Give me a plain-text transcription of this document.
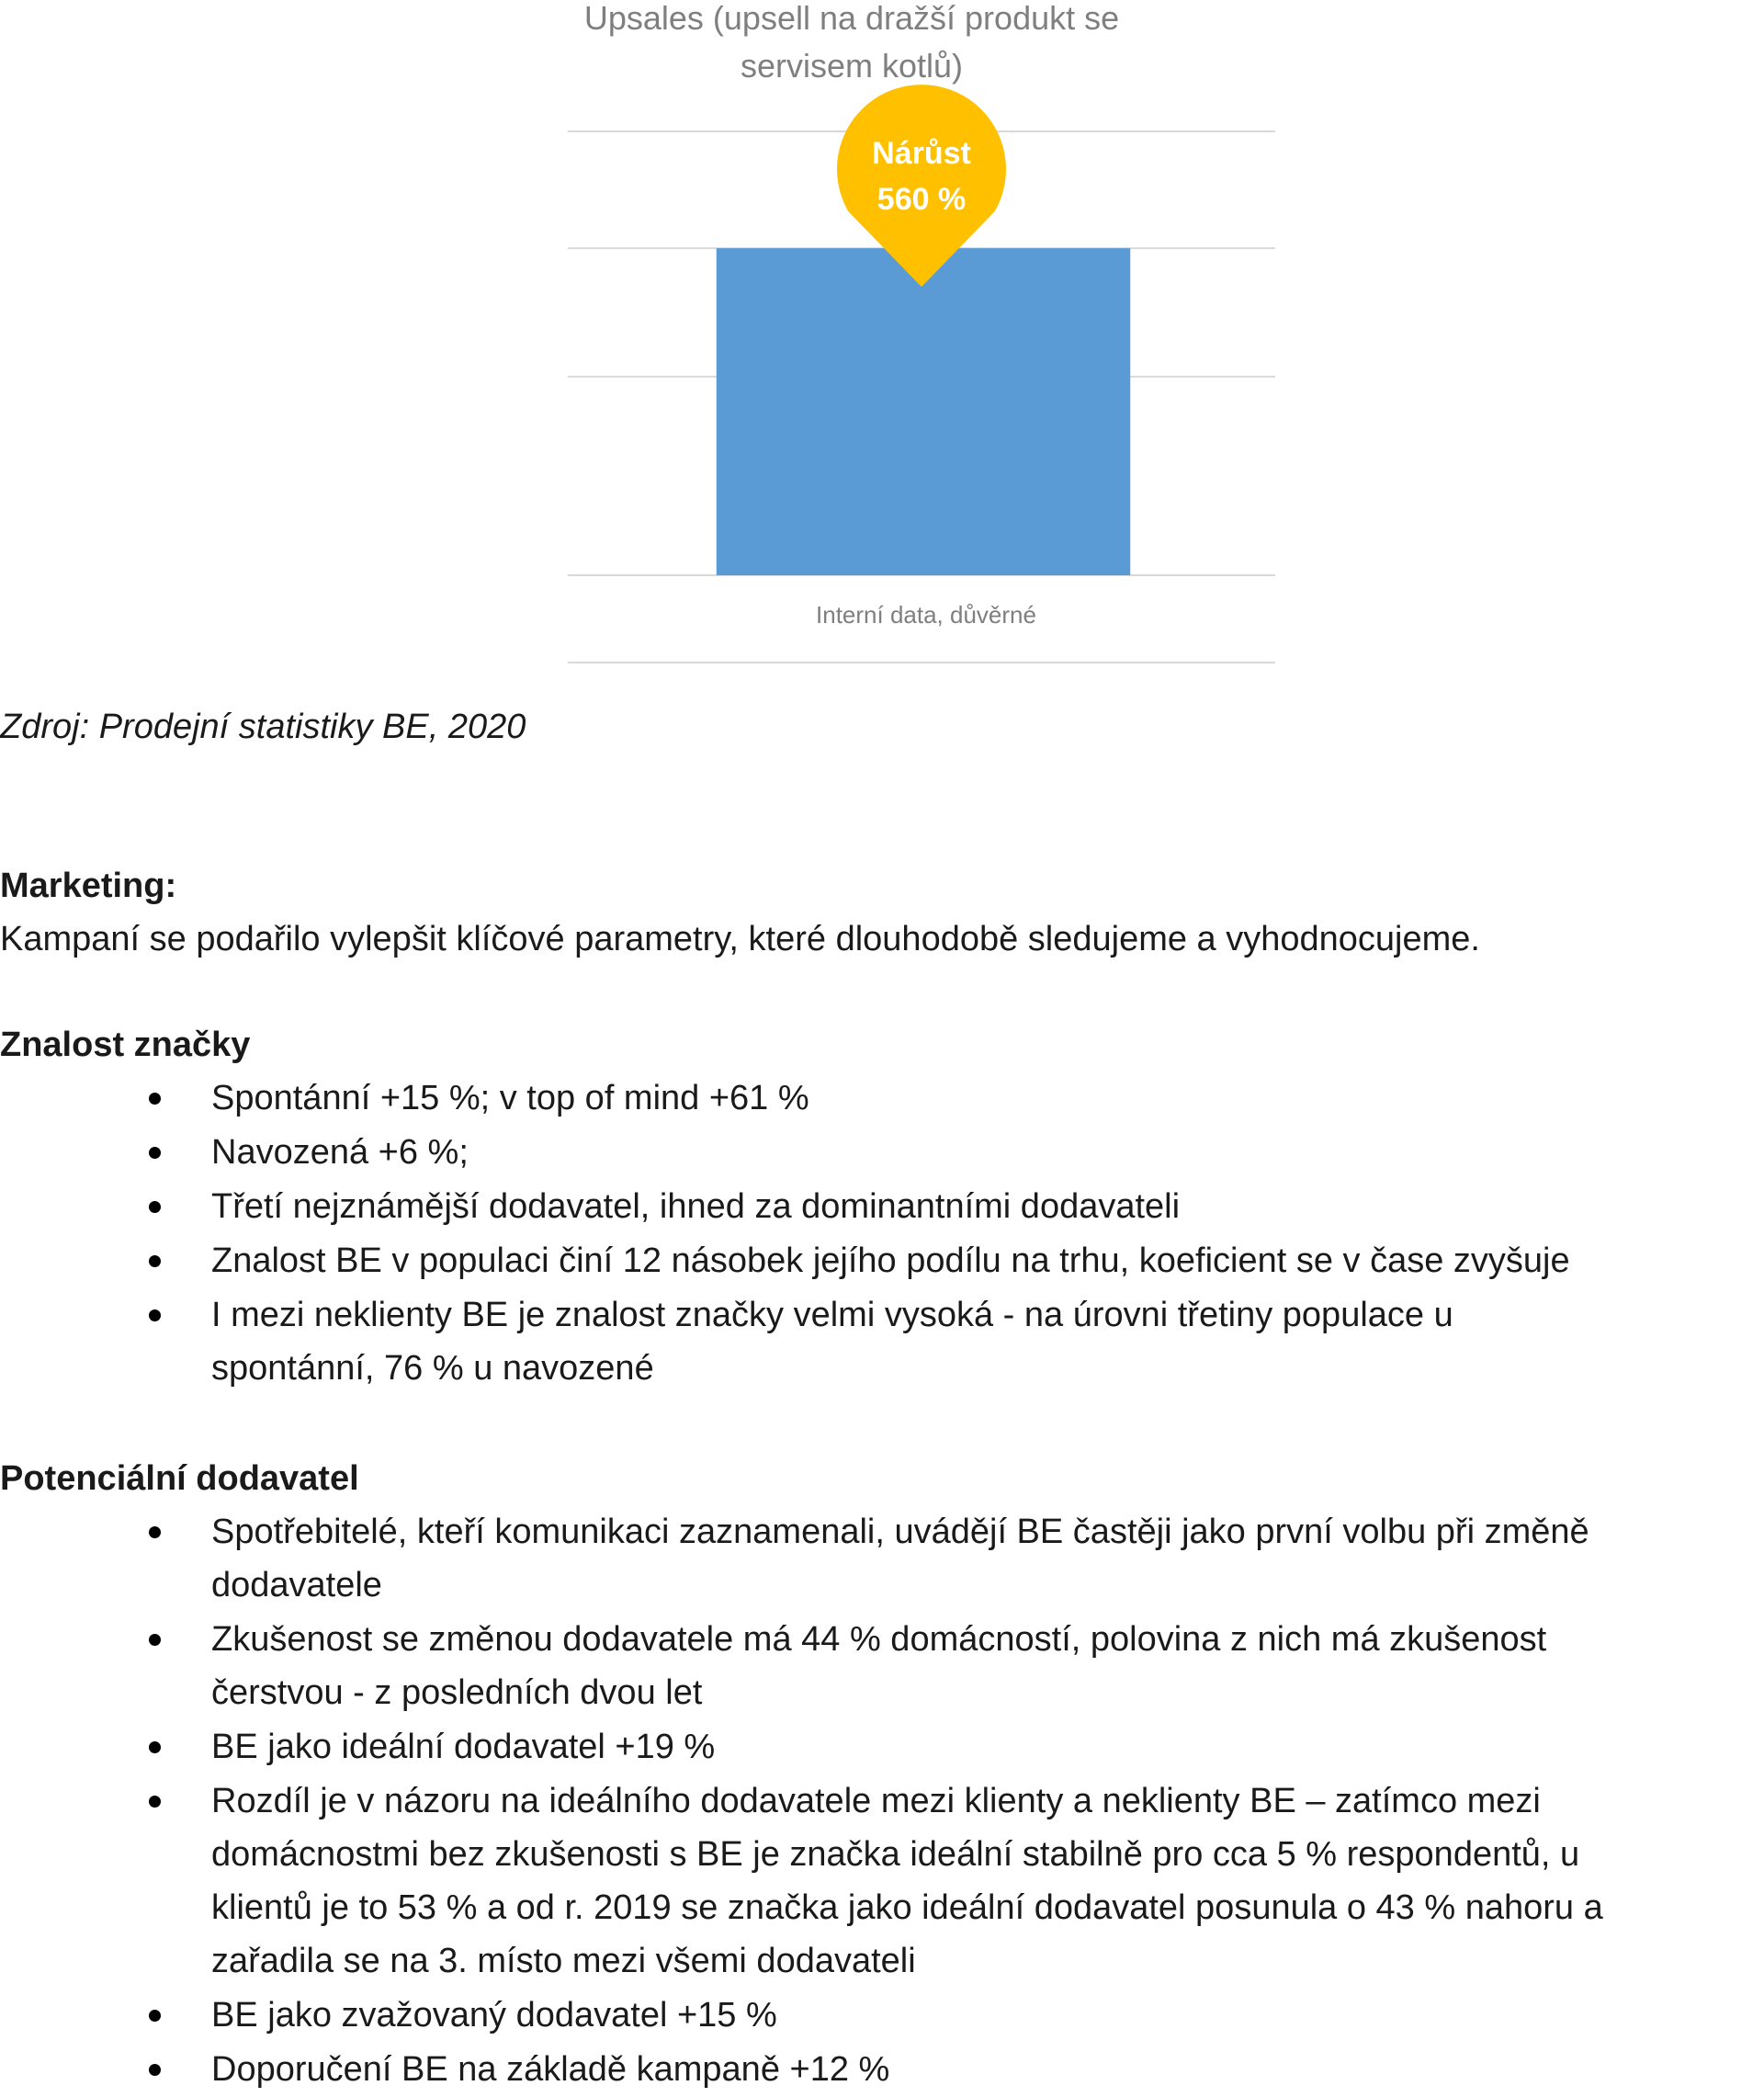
Upsales (upsell na dražší produkt se
servisem kotlů)
Interní data, důvěrné
Nárůst
560 %
Zdroj: Prodejní statistiky BE, 2020

Marketing:

Kampaní se podařilo vylepšit klíčové parametry, které dlouhodobě sledujeme a vyhodnocujeme.

Znalost značky

Spontánní +15 %; v top of mind +61 %
Navozená +6 %;
Třetí nejznámější dodavatel, ihned za dominantními dodavateli
Znalost BE v populaci činí 12 násobek jejího podílu na trhu, koeficient se v čase zvyšuje
I mezi neklienty BE je znalost značky velmi vysoká - na úrovni třetiny populace u
spontánní, 76 % u navozené

Potenciální dodavatel

Spotřebitelé, kteří komunikaci zaznamenali, uvádějí BE častěji jako první volbu při změně
dodavatele
Zkušenost se změnou dodavatele má 44 % domácností, polovina z nich má zkušenost
čerstvou - z posledních dvou let
BE jako ideální dodavatel +19 %
Rozdíl je v názoru na ideálního dodavatele mezi klienty a neklienty BE – zatímco mezi
domácnostmi bez zkušenosti s BE je značka ideální stabilně pro cca 5 % respondentů, u
klientů je to 53 % a od r. 2019 se značka jako ideální dodavatel posunula o 43 % nahoru a
zařadila se na 3. místo mezi všemi dodavateli
BE jako zvažovaný dodavatel +15 %
Doporučení BE na základě kampaně +12 %
